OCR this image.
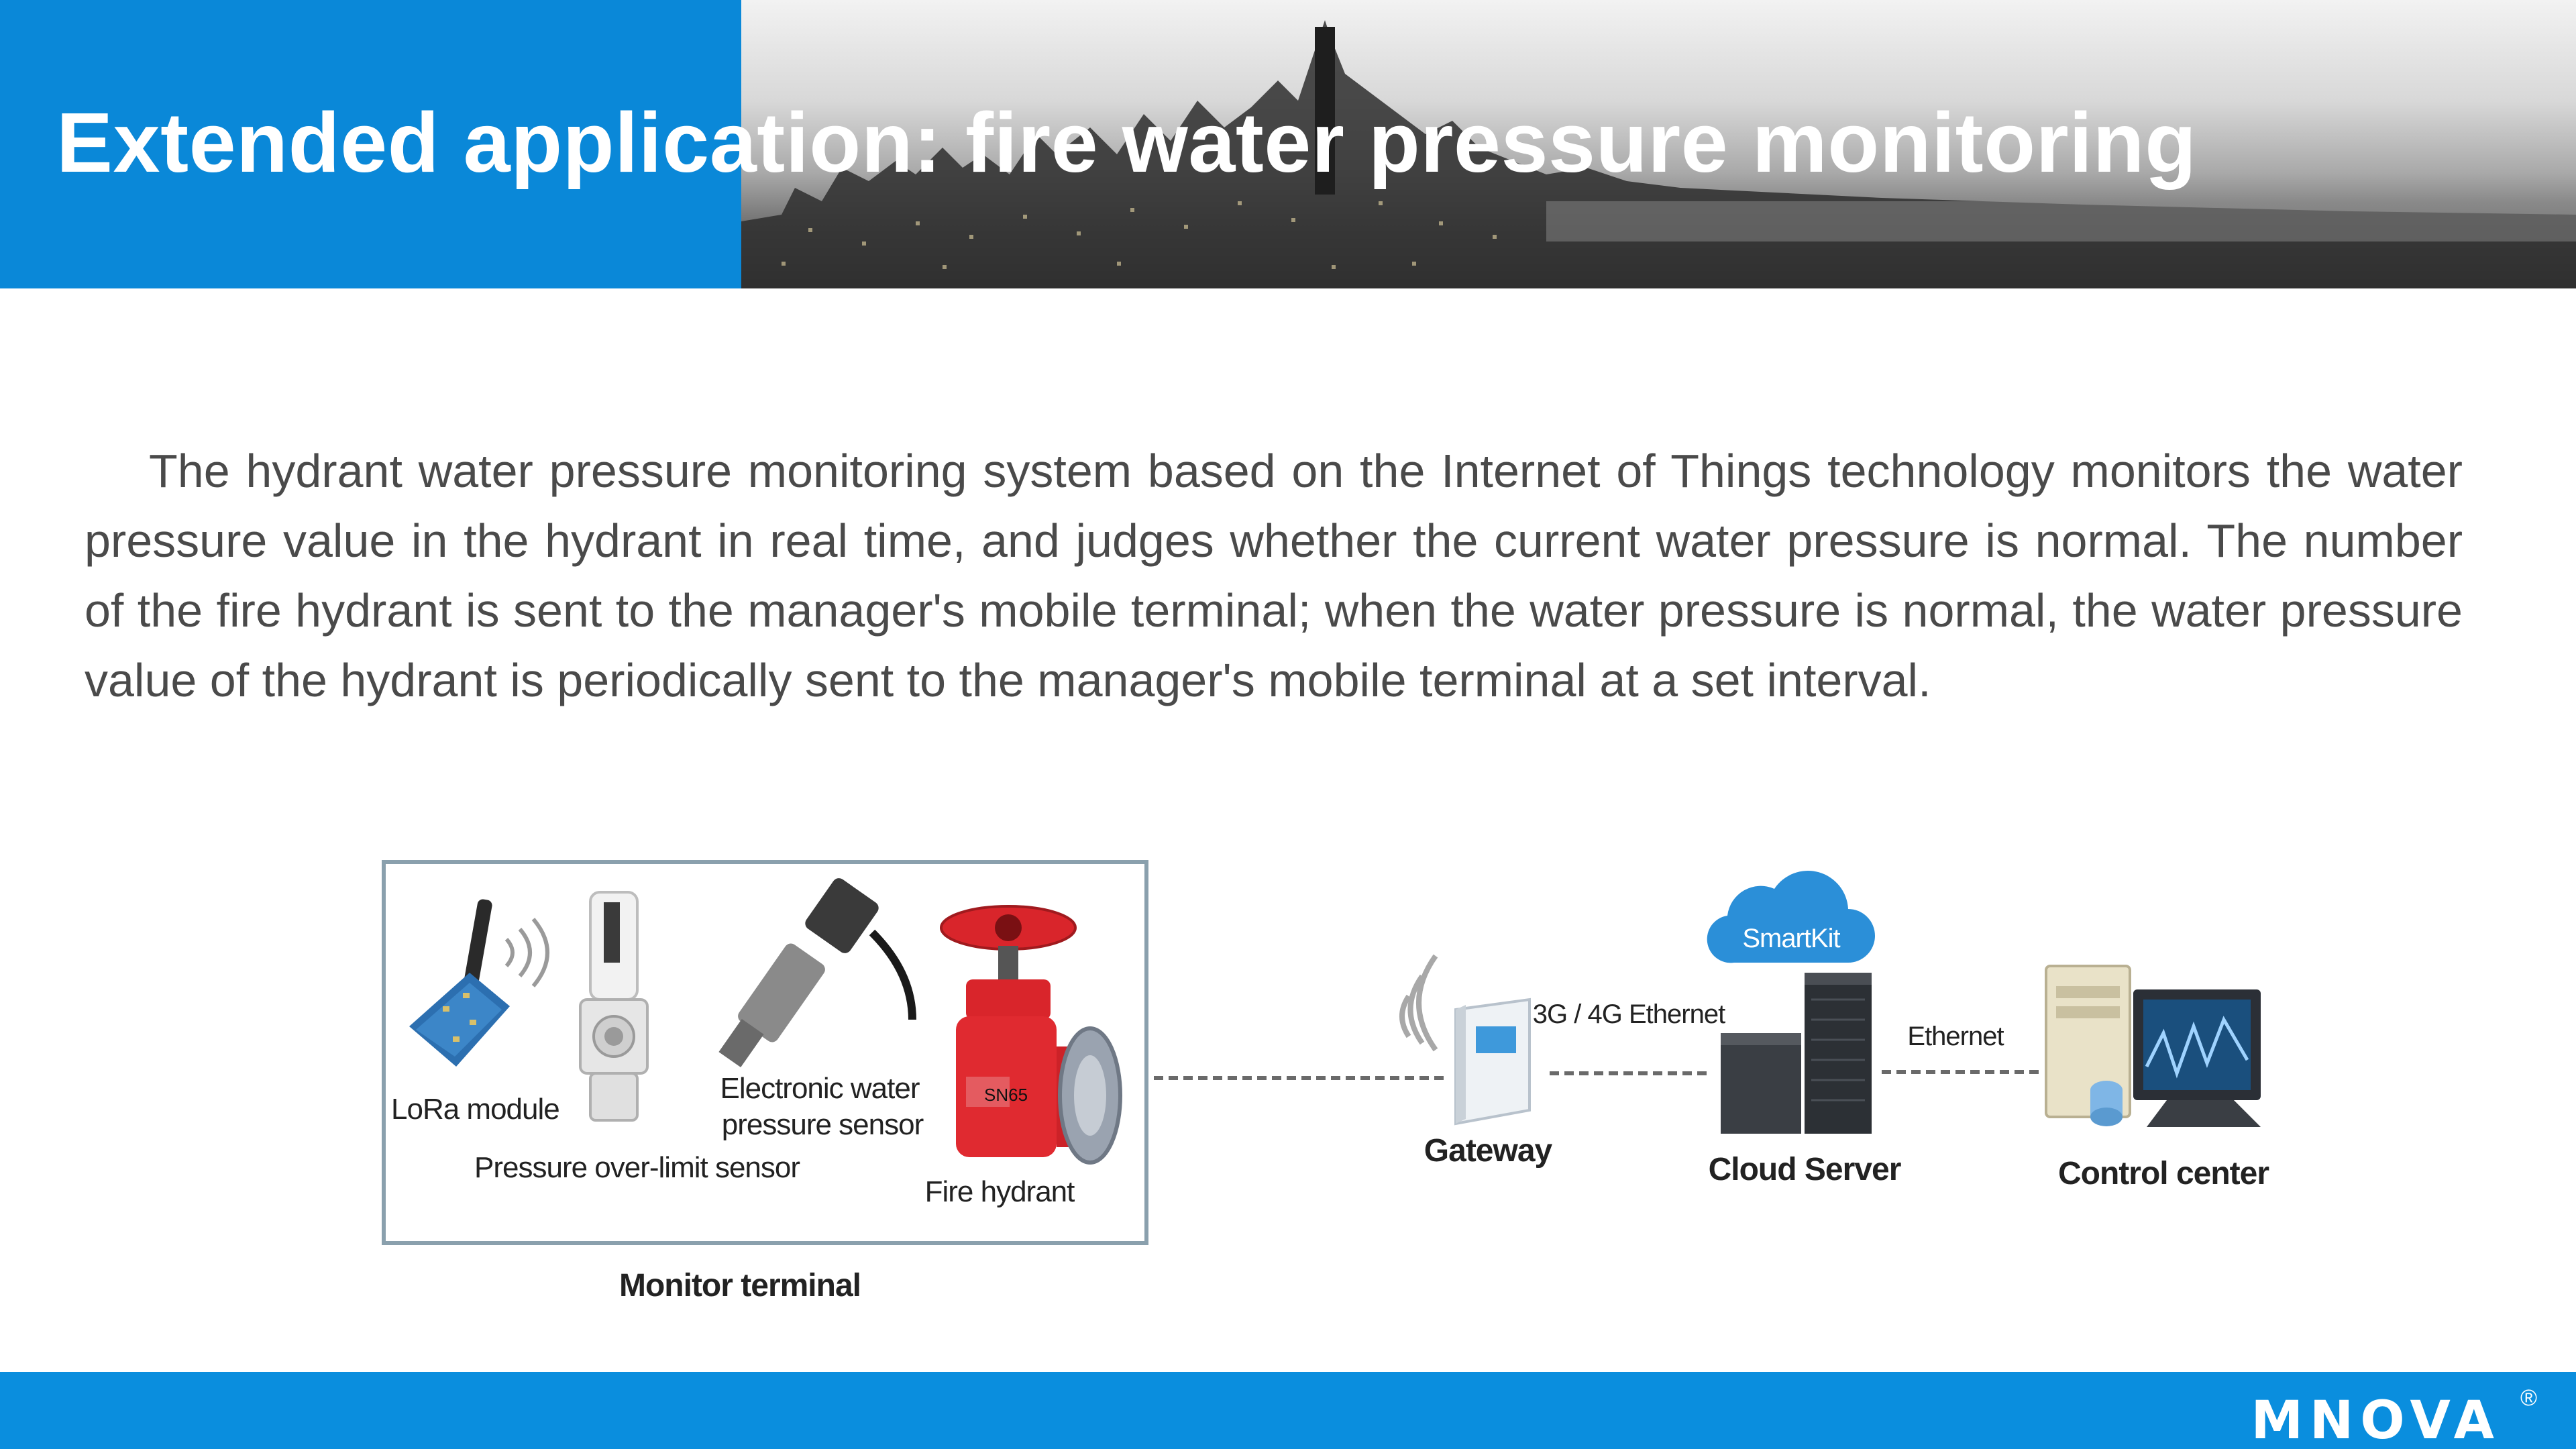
Extended application: fire water pressure monitoring
The hydrant water pressure monitoring system based on the Internet of Things technology monitors the water pressure value in the hydrant in real time, and judges whether the current water pressure is normal. The number of the fire hydrant is sent to the manager's mobile terminal; when the water pressure is normal, the water pressure value of the hydrant is periodically sent to the manager's mobile terminal at a set interval.
LoRa module
Pressure over-limit sensor
Electronic water
pressure sensor
SN65
Fire hydrant
Monitor terminal
Gateway
3G / 4G Ethernet
SmartKit
Cloud Server
Ethernet
Control center
MNOVA ®
